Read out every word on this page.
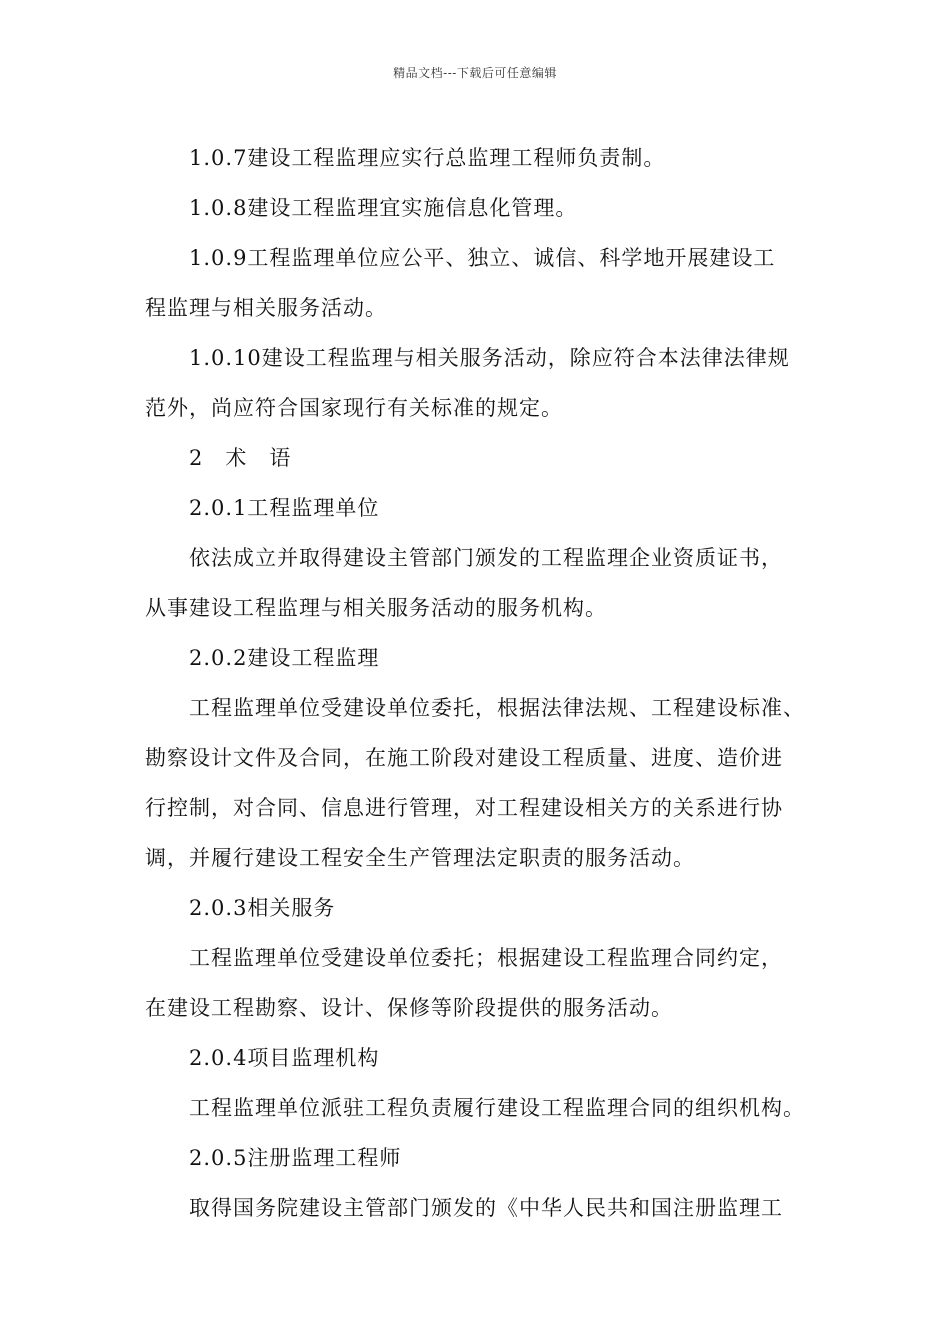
精品文档---下载后可任意编辑
1.0.7建设工程监理应实行总监理工程师负责制。
1.0.8建设工程监理宜实施信息化管理。
1.0.9工程监理单位应公平、独立、诚信、科学地开展建设工
程监理与相关服务活动。
1.0.10建设工程监理与相关服务活动，除应符合本法律法律规
范外，尚应符合国家现行有关标准的规定。
2　术　语
2.0.1工程监理单位
依法成立并取得建设主管部门颁发的工程监理企业资质证书，
从事建设工程监理与相关服务活动的服务机构。
2.0.2建设工程监理
工程监理单位受建设单位委托，根据法律法规、工程建设标准、
勘察设计文件及合同，在施工阶段对建设工程质量、进度、造价进
行控制，对合同、信息进行管理，对工程建设相关方的关系进行协
调，并履行建设工程安全生产管理法定职责的服务活动。
2.0.3相关服务
工程监理单位受建设单位委托；根据建设工程监理合同约定，
在建设工程勘察、设计、保修等阶段提供的服务活动。
2.0.4项目监理机构
工程监理单位派驻工程负责履行建设工程监理合同的组织机构。
2.0.5注册监理工程师
取得国务院建设主管部门颁发的《中华人民共和国注册监理工
